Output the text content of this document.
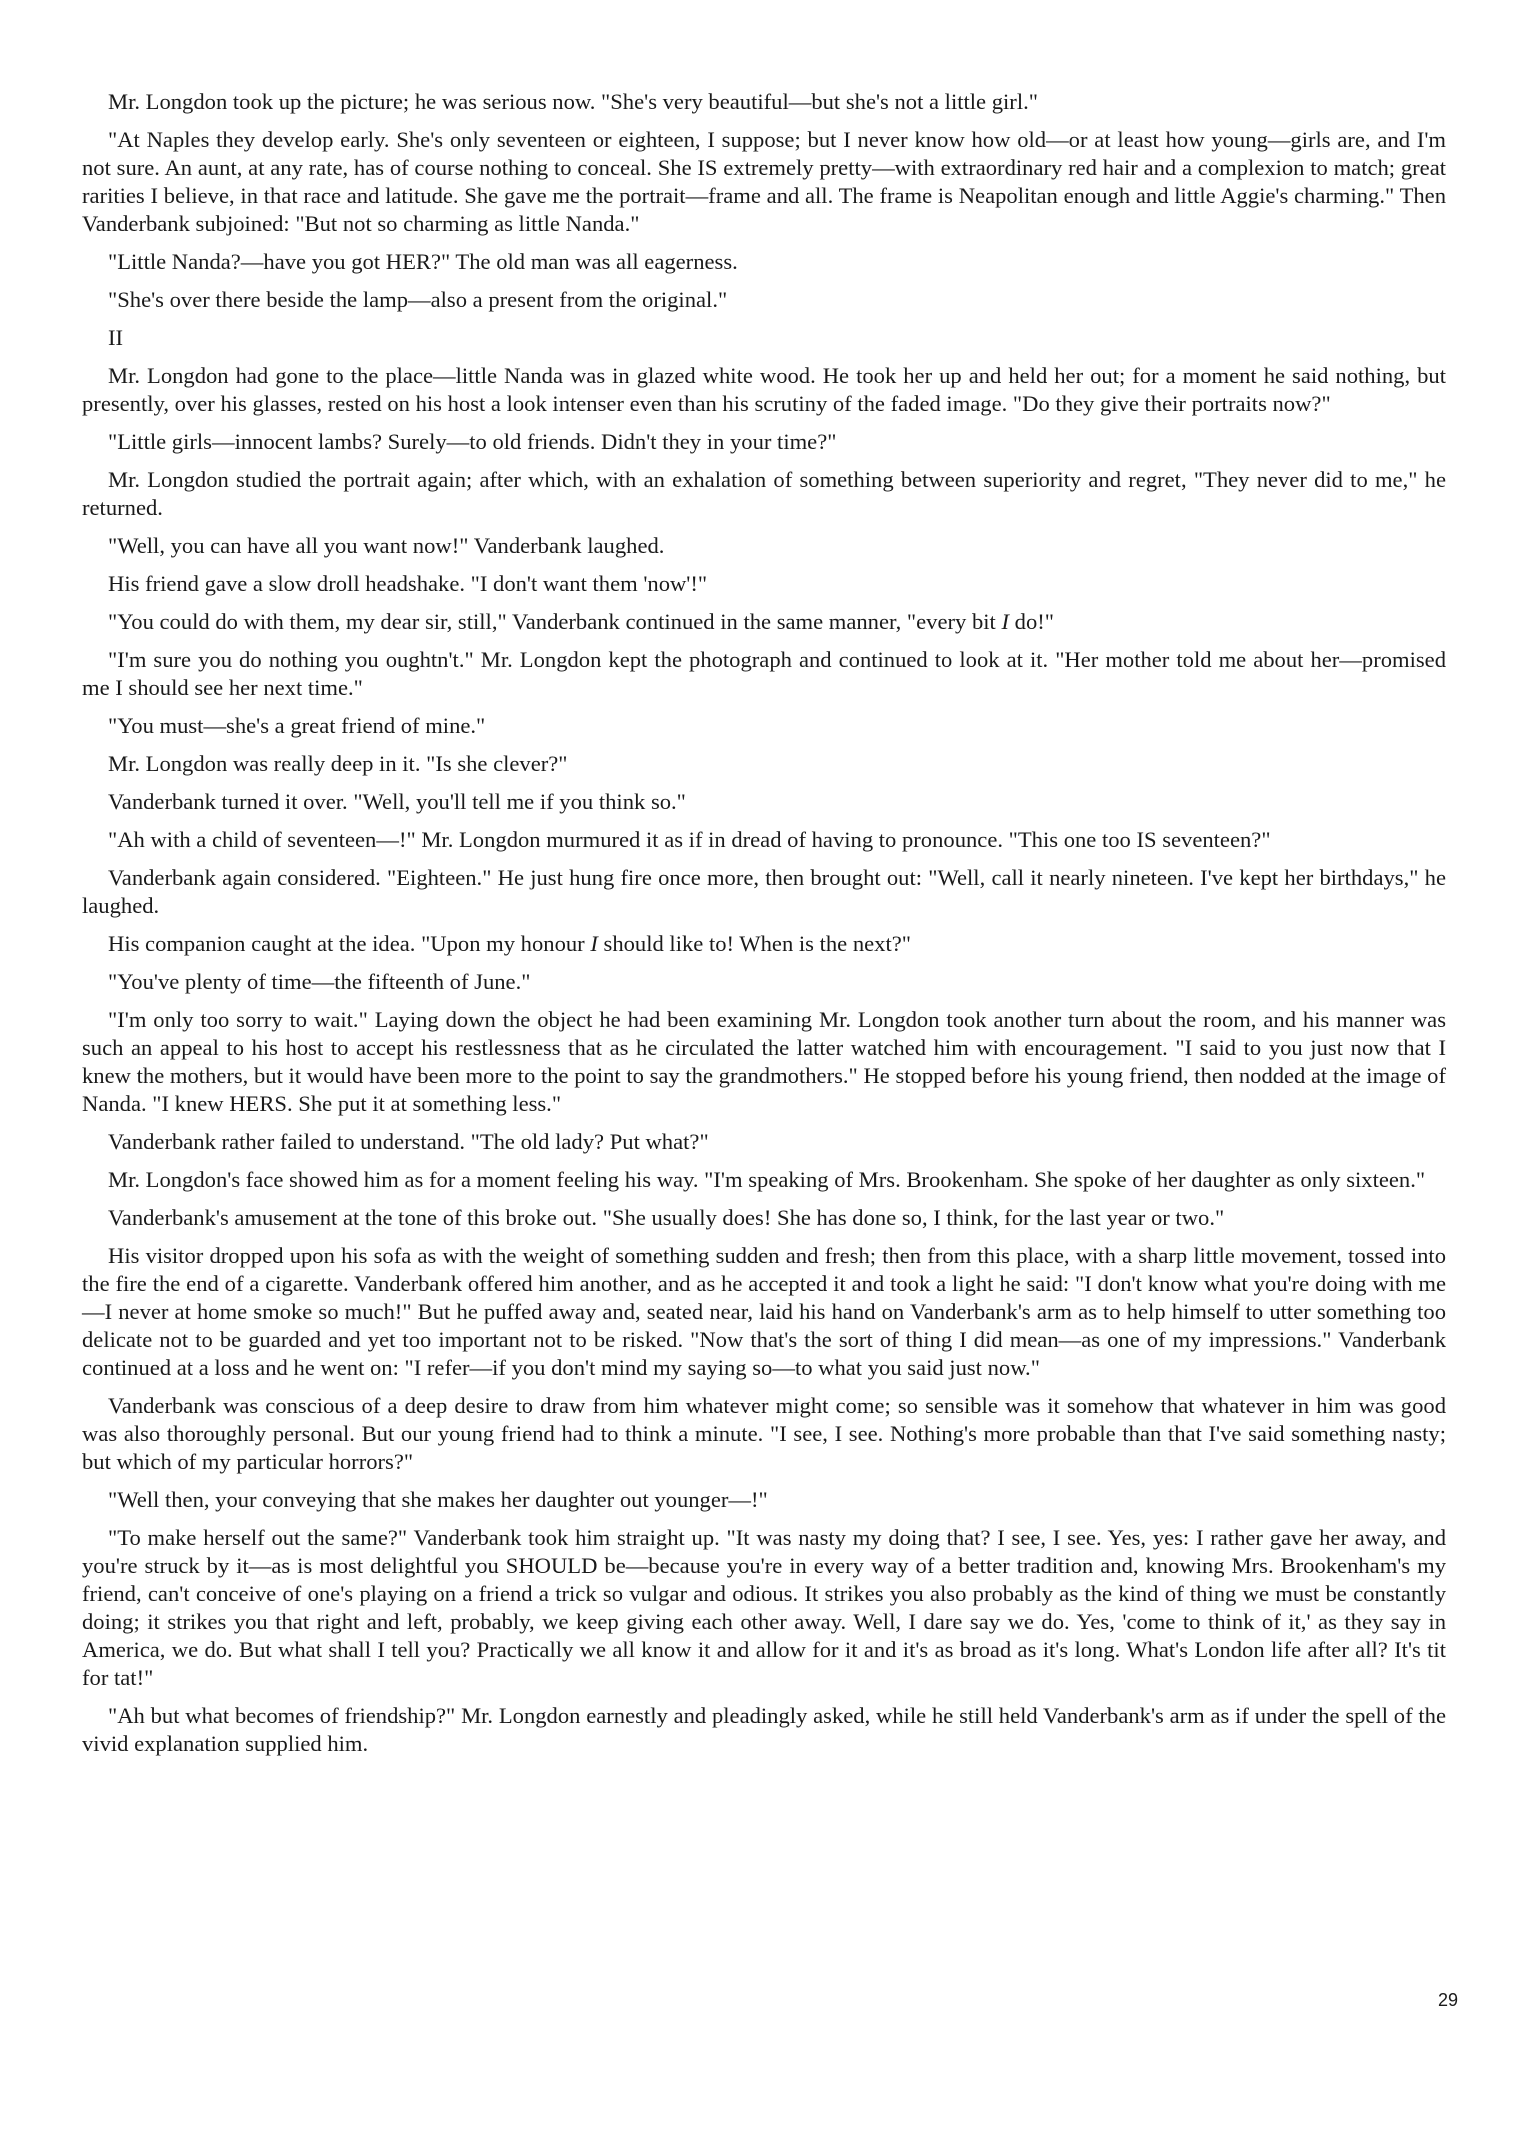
Mr. Longdon took up the picture; he was serious now. "She's very beautiful—but she's not a little girl."

"At Naples they develop early. She's only seventeen or eighteen, I suppose; but I never know how old—or at least how young—girls are, and I'm not sure. An aunt, at any rate, has of course nothing to conceal. She IS extremely pretty—with extraordinary red hair and a complexion to match; great rarities I believe, in that race and latitude. She gave me the portrait—frame and all. The frame is Neapolitan enough and little Aggie's charming." Then Vanderbank subjoined: "But not so charming as little Nanda."

"Little Nanda?—have you got HER?" The old man was all eagerness.

"She's over there beside the lamp—also a present from the original."

II

Mr. Longdon had gone to the place—little Nanda was in glazed white wood. He took her up and held her out; for a moment he said nothing, but presently, over his glasses, rested on his host a look intenser even than his scrutiny of the faded image. "Do they give their portraits now?"

"Little girls—innocent lambs? Surely—to old friends. Didn't they in your time?"

Mr. Longdon studied the portrait again; after which, with an exhalation of something between superiority and regret, "They never did to me," he returned.

"Well, you can have all you want now!" Vanderbank laughed.

His friend gave a slow droll headshake. "I don't want them 'now'!"

"You could do with them, my dear sir, still," Vanderbank continued in the same manner, "every bit I do!"

"I'm sure you do nothing you oughtn't." Mr. Longdon kept the photograph and continued to look at it. "Her mother told me about her—promised me I should see her next time."

"You must—she's a great friend of mine."

Mr. Longdon was really deep in it. "Is she clever?"

Vanderbank turned it over. "Well, you'll tell me if you think so."

"Ah with a child of seventeen—!" Mr. Longdon murmured it as if in dread of having to pronounce. "This one too IS seventeen?"

Vanderbank again considered. "Eighteen." He just hung fire once more, then brought out: "Well, call it nearly nineteen. I've kept her birthdays," he laughed.

His companion caught at the idea. "Upon my honour I should like to! When is the next?"

"You've plenty of time—the fifteenth of June."

"I'm only too sorry to wait." Laying down the object he had been examining Mr. Longdon took another turn about the room, and his manner was such an appeal to his host to accept his restlessness that as he circulated the latter watched him with encouragement. "I said to you just now that I knew the mothers, but it would have been more to the point to say the grandmothers." He stopped before his young friend, then nodded at the image of Nanda. "I knew HERS. She put it at something less."

Vanderbank rather failed to understand. "The old lady? Put what?"

Mr. Longdon's face showed him as for a moment feeling his way. "I'm speaking of Mrs. Brookenham. She spoke of her daughter as only sixteen."

Vanderbank's amusement at the tone of this broke out. "She usually does! She has done so, I think, for the last year or two."

His visitor dropped upon his sofa as with the weight of something sudden and fresh; then from this place, with a sharp little movement, tossed into the fire the end of a cigarette. Vanderbank offered him another, and as he accepted it and took a light he said: "I don't know what you're doing with me—I never at home smoke so much!" But he puffed away and, seated near, laid his hand on Vanderbank's arm as to help himself to utter something too delicate not to be guarded and yet too important not to be risked. "Now that's the sort of thing I did mean—as one of my impressions." Vanderbank continued at a loss and he went on: "I refer—if you don't mind my saying so—to what you said just now."

Vanderbank was conscious of a deep desire to draw from him whatever might come; so sensible was it somehow that whatever in him was good was also thoroughly personal. But our young friend had to think a minute. "I see, I see. Nothing's more probable than that I've said something nasty; but which of my particular horrors?"

"Well then, your conveying that she makes her daughter out younger—!"

"To make herself out the same?" Vanderbank took him straight up. "It was nasty my doing that? I see, I see. Yes, yes: I rather gave her away, and you're struck by it—as is most delightful you SHOULD be—because you're in every way of a better tradition and, knowing Mrs. Brookenham's my friend, can't conceive of one's playing on a friend a trick so vulgar and odious. It strikes you also probably as the kind of thing we must be constantly doing; it strikes you that right and left, probably, we keep giving each other away. Well, I dare say we do. Yes, 'come to think of it,' as they say in America, we do. But what shall I tell you? Practically we all know it and allow for it and it's as broad as it's long. What's London life after all? It's tit for tat!"

"Ah but what becomes of friendship?" Mr. Longdon earnestly and pleadingly asked, while he still held Vanderbank's arm as if under the spell of the vivid explanation supplied him.

29
